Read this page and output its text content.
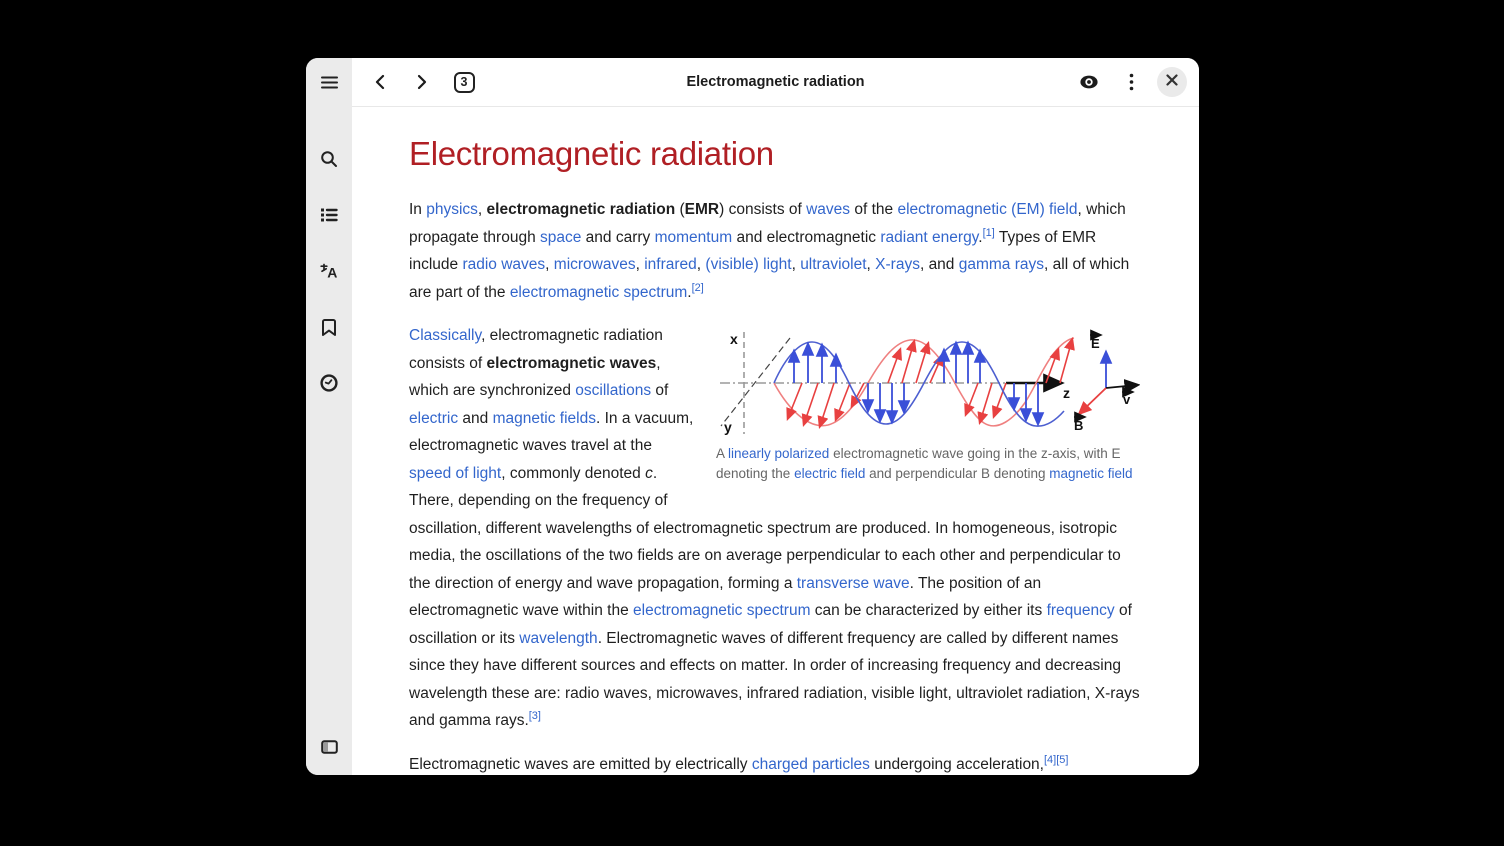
A
3	Electromagnetic radiation
Electromagnetic radiation

In physics, electromagnetic radiation (EMR) consists of waves of the electromagnetic (EM) field, which propagate through space and carry momentum and electromagnetic radiant energy.[1] Types of EMR include radio waves, microwaves, infrared, (visible) light, ultraviolet, X-rays, and gamma rays, all of which are part of the electromagnetic spectrum.[2]

x
y
z
E
v
B
A linearly polarized electromagnetic wave going in the z-axis, with E denoting the electric field and perpendicular B denoting magnetic field
Classically, electromagnetic radiation consists of electromagnetic waves, which are synchronized oscillations of electric and magnetic fields. In a vacuum, electromagnetic waves travel at the speed of light, commonly denoted c. There, depending on the frequency of oscillation, different wavelengths of electromagnetic spectrum are produced. In homogeneous, isotropic media, the oscillations of the two fields are on average perpendicular to each other and perpendicular to the direction of energy and wave propagation, forming a transverse wave. The position of an electromagnetic wave within the electromagnetic spectrum can be characterized by either its frequency of oscillation or its wavelength. Electromagnetic waves of different frequency are called by different names since they have different sources and effects on matter. In order of increasing frequency and decreasing wavelength these are: radio waves, microwaves, infrared radiation, visible light, ultraviolet radiation, X-rays and gamma rays.[3]

Electromagnetic waves are emitted by electrically charged particles undergoing acceleration,[4][5]
